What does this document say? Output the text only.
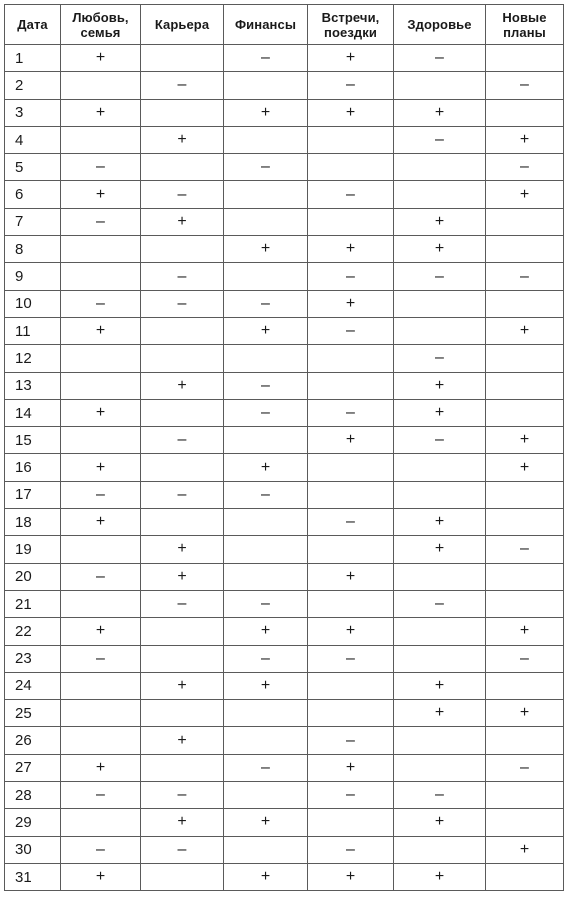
Дата	Любовь, семья	Карьера	Финансы	Встречи, поездки	Здоровье	Новые планы
1	+		–	+	–	
2		–		–		–
3	+		+	+	+	
4		+			–	+
5	–		–			–
6	+	–		–		+
7	–	+			+	
8			+	+	+	
9		–		–	–	–
10	–	–	–	+		
11	+		+	–		+
12					–	
13		+	–		+	
14	+		–	–	+	
15		–		+	–	+
16	+		+			+
17	–	–	–			
18	+			–	+	
19		+			+	–
20	–	+		+		
21		–	–		–	
22	+		+	+		+
23	–		–	–		–
24		+	+		+	
25					+	+
26		+		–		
27	+		–	+		–
28	–	–		–	–	
29		+	+		+	
30	–	–		–		+
31	+		+	+	+	
